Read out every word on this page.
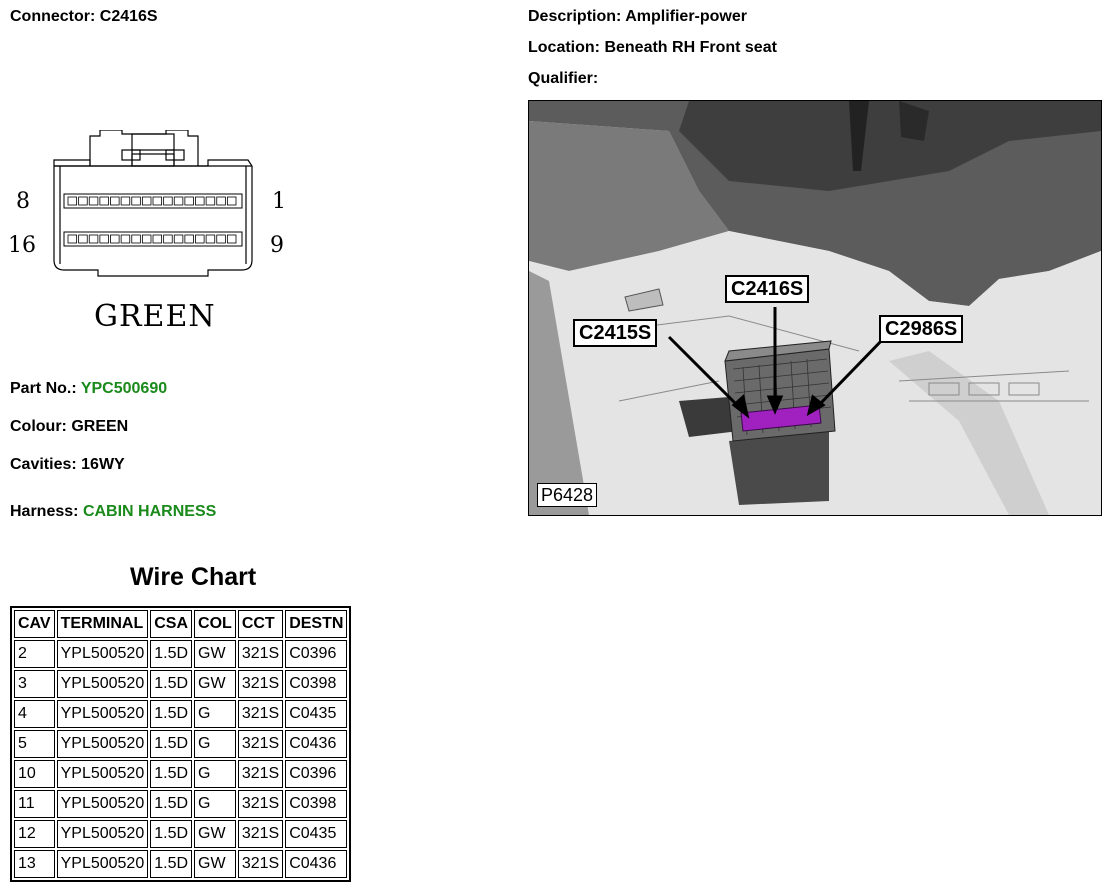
Connector: C2416S	Description: Amplifier-power
Location: Beneath RH Front seat
Qualifier:
8	1
16	9
GREEN
Part No.: YPC500690
Colour: GREEN
Cavities: 16WY
Harness: CABIN HARNESS
Wire Chart
CAV	TERMINAL	CSA	COL	CCT	DESTN
2	YPL500520	1.5D	GW	321S	C0396
3	YPL500520	1.5D	GW	321S	C0398
4	YPL500520	1.5D	G	321S	C0435
5	YPL500520	1.5D	G	321S	C0436
10	YPL500520	1.5D	G	321S	C0396
11	YPL500520	1.5D	G	321S	C0398
12	YPL500520	1.5D	GW	321S	C0435
13	YPL500520	1.5D	GW	321S	C0436
C2416S
C2415S	C2986S
P6428
